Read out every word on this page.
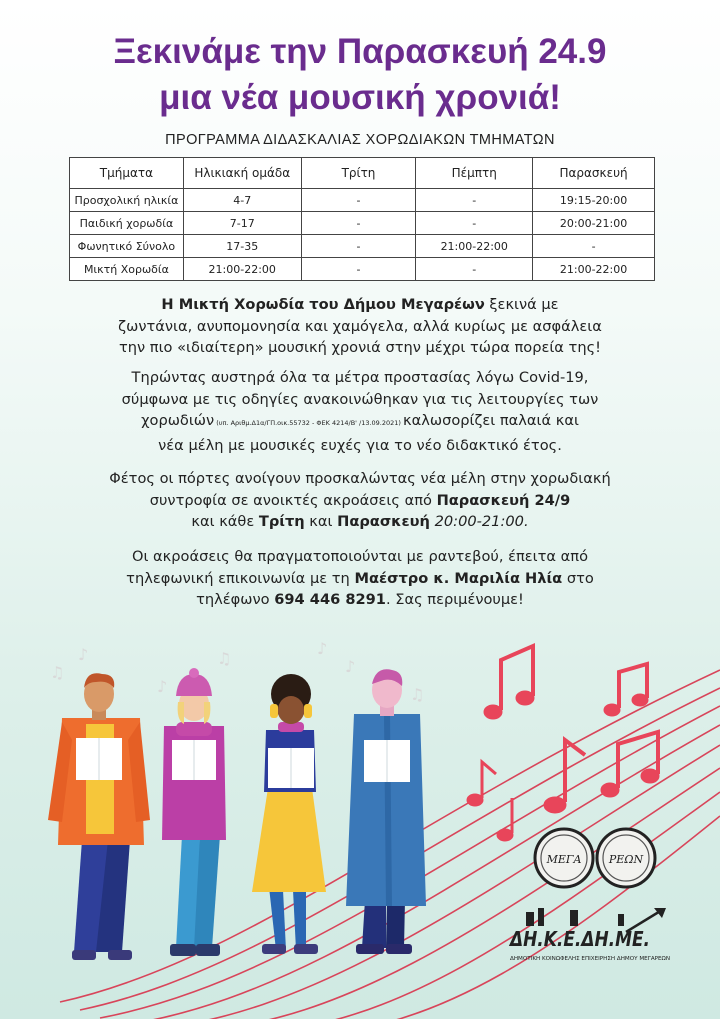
Ξεκινάμε την Παρασκευή 24.9
μια νέα μουσική χρονιά!
ΠΡΟΓΡΑΜΜΑ ΔΙΔΑΣΚΑΛΙΑΣ ΧΟΡΩΔΙΑΚΩΝ ΤΜΗΜΑΤΩΝ
Τμήματα	Ηλικιακή ομάδα	Τρίτη	Πέμπτη	Παρασκευή
Προσχολική ηλικία	4-7	-	-	19:15-20:00
Παιδική χορωδία	7-17	-	-	20:00-21:00
Φωνητικό Σύνολο	17-35	-	21:00-22:00	-
Μικτή Χορωδία	21:00-22:00	-	-	21:00-22:00
Η Μικτή Χορωδία του Δήμου Μεγαρέων ξεκινά με
ζωντάνια, ανυπομονησία και χαμόγελα, αλλά κυρίως με ασφάλεια
την πιο «ιδιαίτερη» μουσική χρονιά στην μέχρι τώρα πορεία της!
Τηρώντας αυστηρά όλα τα μέτρα προστασίας λόγω Covid-19,
σύμφωνα με τις οδηγίες ανακοινώθηκαν για τις λειτουργίες των
χορωδιών (υπ. Αριθμ.Δ1α/ΓΠ.οικ.55732 - ΦΕΚ 4214/Β' /13.09.2021) καλωσορίζει παλαιά και
νέα μέλη με μουσικές ευχές για το νέο διδακτικό έτος.
Φέτος οι πόρτες ανοίγουν προσκαλώντας νέα μέλη στην χορωδιακή
συντροφία σε ανοικτές ακροάσεις από Παρασκευή 24/9
και κάθε Τρίτη και Παρασκευή 20:00-21:00.
Οι ακροάσεις θα πραγματοποιούνται με ραντεβού, έπειτα από
τηλεφωνική επικοινωνία με τη Μαέστρο κ. Μαριλία Ηλία στο
τηλέφωνο 694 446 8291. Σας περιμένουμε!
♫
♪
♪
♫
♪
♪
♫
ΜΕΓΑ ΡΕΩΝ
ΔΗ.Κ.Ε.ΔΗ.ΜΕ.
ΔΗΜΟΤΙΚΗ ΚΟΙΝΩΦΕΛΗΣ ΕΠΙΧΕΙΡΗΣΗ ΔΗΜΟΥ ΜΕΓΑΡΕΩΝ
